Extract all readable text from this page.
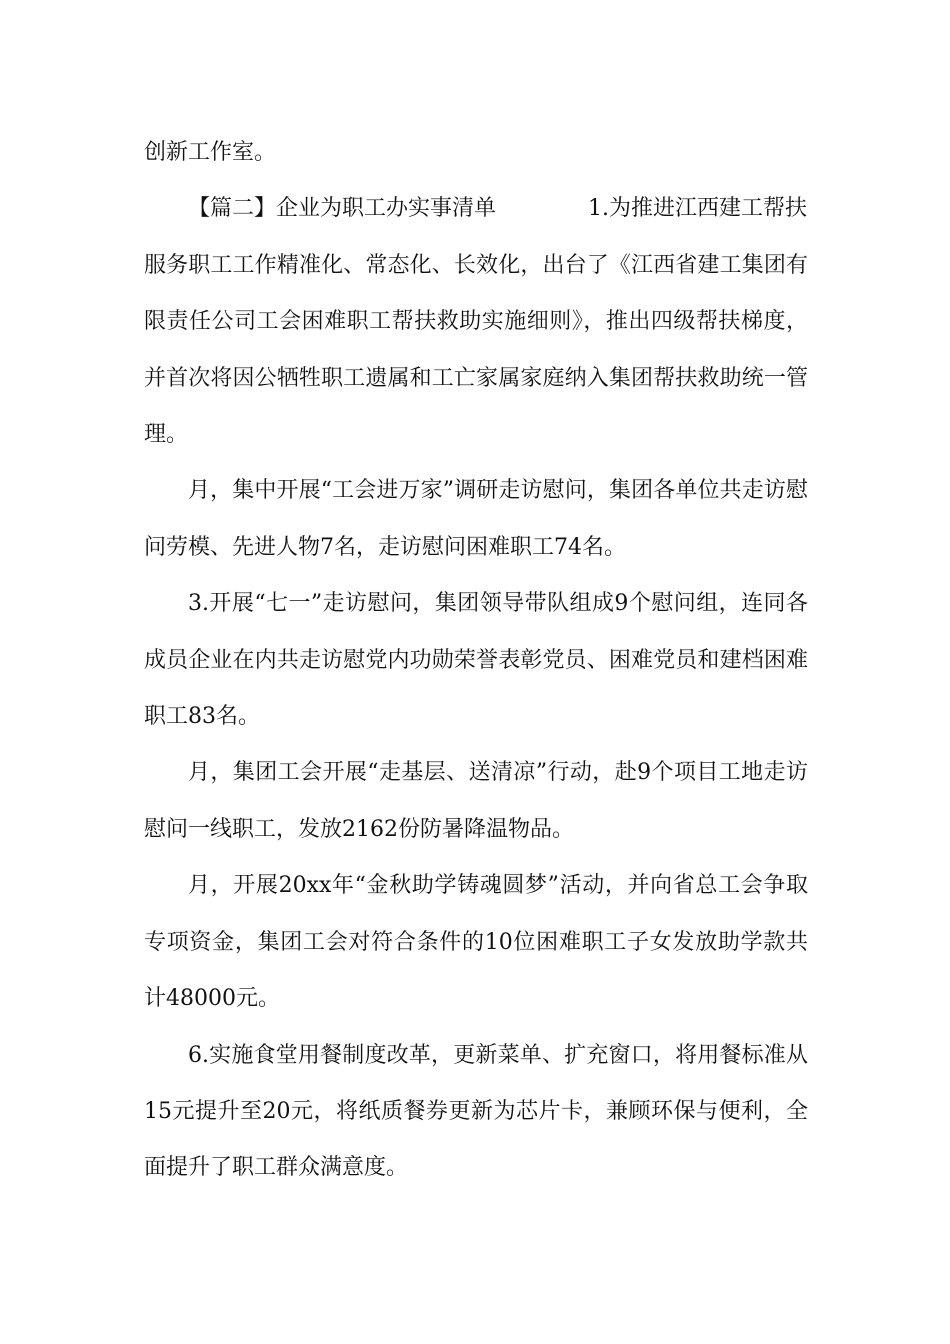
创新工作室。

【篇二】企业为职工办实事清单	1.为推进江西建工帮扶

服务职工工作精准化、常态化、长效化，出台了《江西省建工集团有限责任公司工会困难职工帮扶救助实施细则》，推出四级帮扶梯度，并首次将因公牺牲职工遗属和工亡家属家庭纳入集团帮扶救助统一管理。

月，集中开展“工会进万家”调研走访慰问，集团各单位共走访慰问劳模、先进人物7名，走访慰问困难职工74名。

3.开展“七一”走访慰问，集团领导带队组成9个慰问组，连同各成员企业在内共走访慰党内功勋荣誉表彰党员、困难党员和建档困难职工83名。

月，集团工会开展“走基层、送清凉”行动，赴9个项目工地走访慰问一线职工，发放2162份防暑降温物品。

月，开展20xx年“金秋助学铸魂圆梦”活动，并向省总工会争取专项资金，集团工会对符合条件的10位困难职工子女发放助学款共计48000元。

6.实施食堂用餐制度改革，更新菜单、扩充窗口，将用餐标准从15元提升至20元，将纸质餐券更新为芯片卡，兼顾环保与便利，全面提升了职工群众满意度。
